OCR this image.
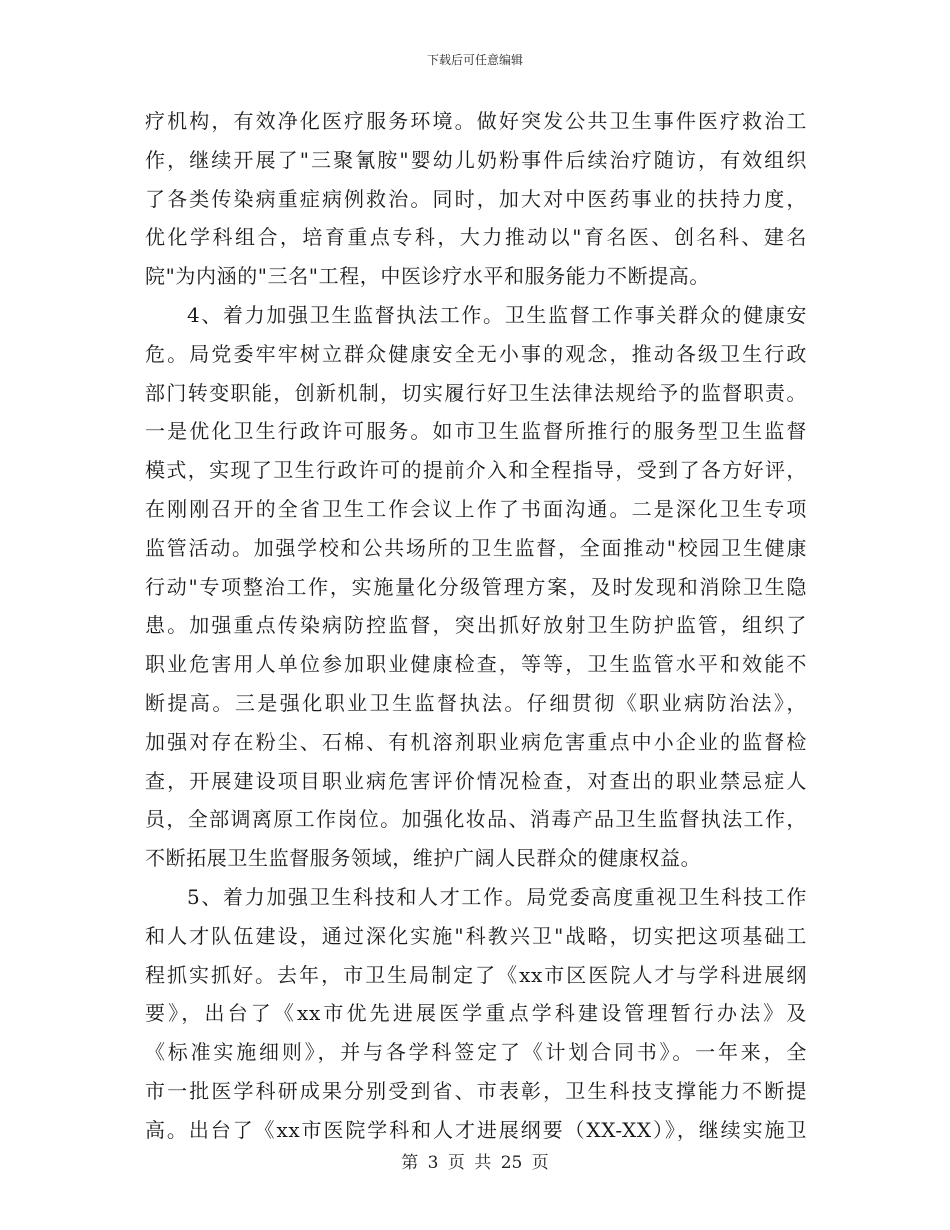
下载后可任意编辑
疗机构，有效净化医疗服务环境。做好突发公共卫生事件医疗救治工
作，继续开展了"三聚氰胺"婴幼儿奶粉事件后续治疗随访，有效组织
了各类传染病重症病例救治。同时，加大对中医药事业的扶持力度，
优化学科组合，培育重点专科，大力推动以"育名医、创名科、建名
院"为内涵的"三名"工程，中医诊疗水平和服务能力不断提高。
4、着力加强卫生监督执法工作。卫生监督工作事关群众的健康安
危。局党委牢牢树立群众健康安全无小事的观念，推动各级卫生行政
部门转变职能，创新机制，切实履行好卫生法律法规给予的监督职责。
一是优化卫生行政许可服务。如市卫生监督所推行的服务型卫生监督
模式，实现了卫生行政许可的提前介入和全程指导，受到了各方好评，
在刚刚召开的全省卫生工作会议上作了书面沟通。二是深化卫生专项
监管活动。加强学校和公共场所的卫生监督，全面推动"校园卫生健康
行动"专项整治工作，实施量化分级管理方案，及时发现和消除卫生隐
患。加强重点传染病防控监督，突出抓好放射卫生防护监管，组织了
职业危害用人单位参加职业健康检查，等等，卫生监管水平和效能不
断提高。三是强化职业卫生监督执法。仔细贯彻《职业病防治法》，
加强对存在粉尘、石棉、有机溶剂职业病危害重点中小企业的监督检
查，开展建设项目职业病危害评价情况检查，对查出的职业禁忌症人
员，全部调离原工作岗位。加强化妆品、消毒产品卫生监督执法工作，
不断拓展卫生监督服务领域，维护广阔人民群众的健康权益。
5、着力加强卫生科技和人才工作。局党委高度重视卫生科技工作
和人才队伍建设，通过深化实施"科教兴卫"战略，切实把这项基础工
程抓实抓好。去年，市卫生局制定了《xx市区医院人才与学科进展纲
要》，出台了《xx市优先进展医学重点学科建设管理暂行办法》及
《标准实施细则》，并与各学科签定了《计划合同书》。一年来，全
市一批医学科研成果分别受到省、市表彰，卫生科技支撑能力不断提
高。出台了《xx市医院学科和人才进展纲要（XX-XX）》，继续实施卫
第 3 页 共 25 页
